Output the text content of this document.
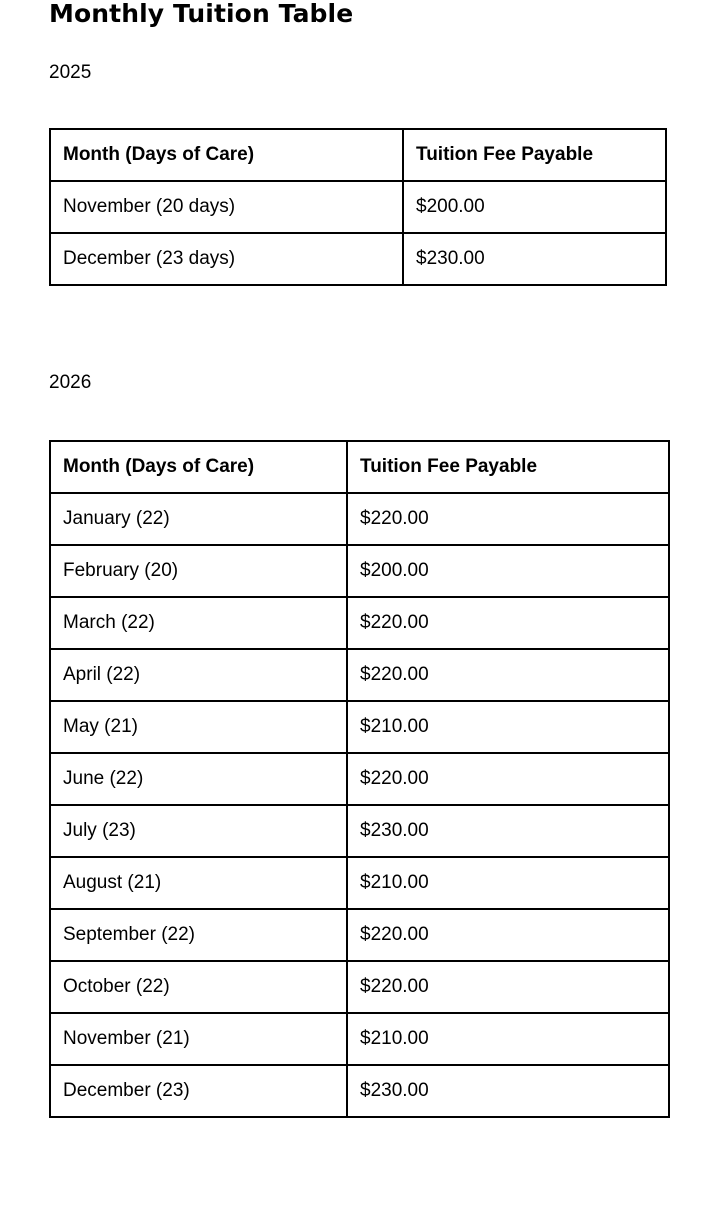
Monthly Tuition Table
2025
Month (Days of Care)	Tuition Fee Payable
November (20 days)	$200.00
December (23 days)	$230.00
2026
Month (Days of Care)	Tuition Fee Payable
January (22)	$220.00
February (20)	$200.00
March (22)	$220.00
April (22)	$220.00
May (21)	$210.00
June (22)	$220.00
July (23)	$230.00
August (21)	$210.00
September (22)	$220.00
October (22)	$220.00
November (21)	$210.00
December (23)	$230.00
